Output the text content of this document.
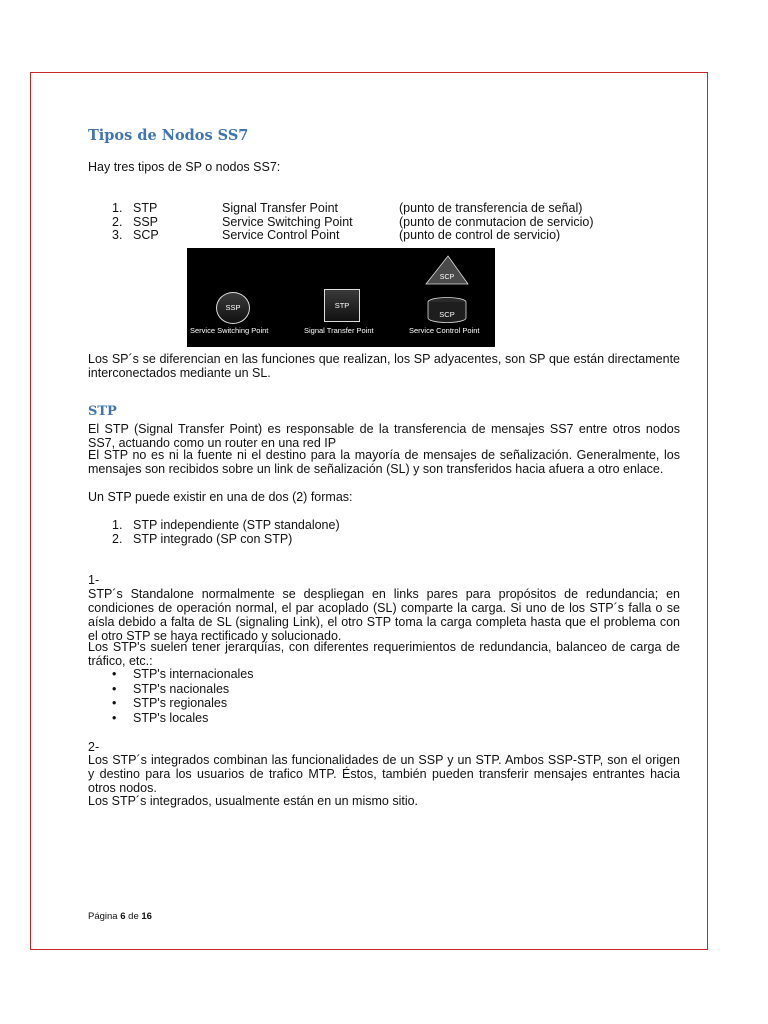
Tipos de Nodos SS7

Hay tres tipos de SP o nodos SS7:

1. STP	Signal Transfer Point	(punto de transferencia de señal)
2. SSP	Service Switching Point	(punto de conmutacion de servicio)
3. SCP	Service Control Point	(punto de control de servicio)
SSP	STP
SCP
SCP
Service Switching Point	Signal Transfer Point	Service Control Point

Los SP´s se diferencian en las funciones que realizan, los SP adyacentes, son SP que están directamente interconectados mediante un SL.

STP

El STP (Signal Transfer Point) es responsable de la transferencia de mensajes SS7 entre otros nodos SS7, actuando como un router en una red IP

El STP no es ni la fuente ni el destino para la mayoría de mensajes de señalización. Generalmente, los mensajes son recibidos sobre un link de señalización (SL) y son transferidos hacia afuera a otro enlace.

Un STP puede existir en una de dos (2) formas:

1. STP independiente (STP standalone)
2. STP integrado (SP con STP)

1-

STP´s Standalone normalmente se despliegan en links pares para propósitos de redundancia; en condiciones de operación normal, el par acoplado (SL) comparte la carga. Si uno de los STP´s falla o se aísla debido a falta de SL (signaling Link), el otro STP toma la carga completa hasta que el problema con el otro STP se haya rectificado y solucionado.

Los STP's suelen tener jerarquías, con diferentes requerimientos de redundancia, balanceo de carga de tráfico, etc.:

• STP's internacionales
• STP's nacionales
• STP's regionales
• STP's locales

2-

Los STP´s integrados combinan las funcionalidades de un SSP y un STP. Ambos SSP-STP, son el origen y destino para los usuarios de trafico MTP. Éstos, también pueden transferir mensajes entrantes hacia otros nodos.

Los STP´s integrados, usualmente están en un mismo sitio.

Página 6 de 16
